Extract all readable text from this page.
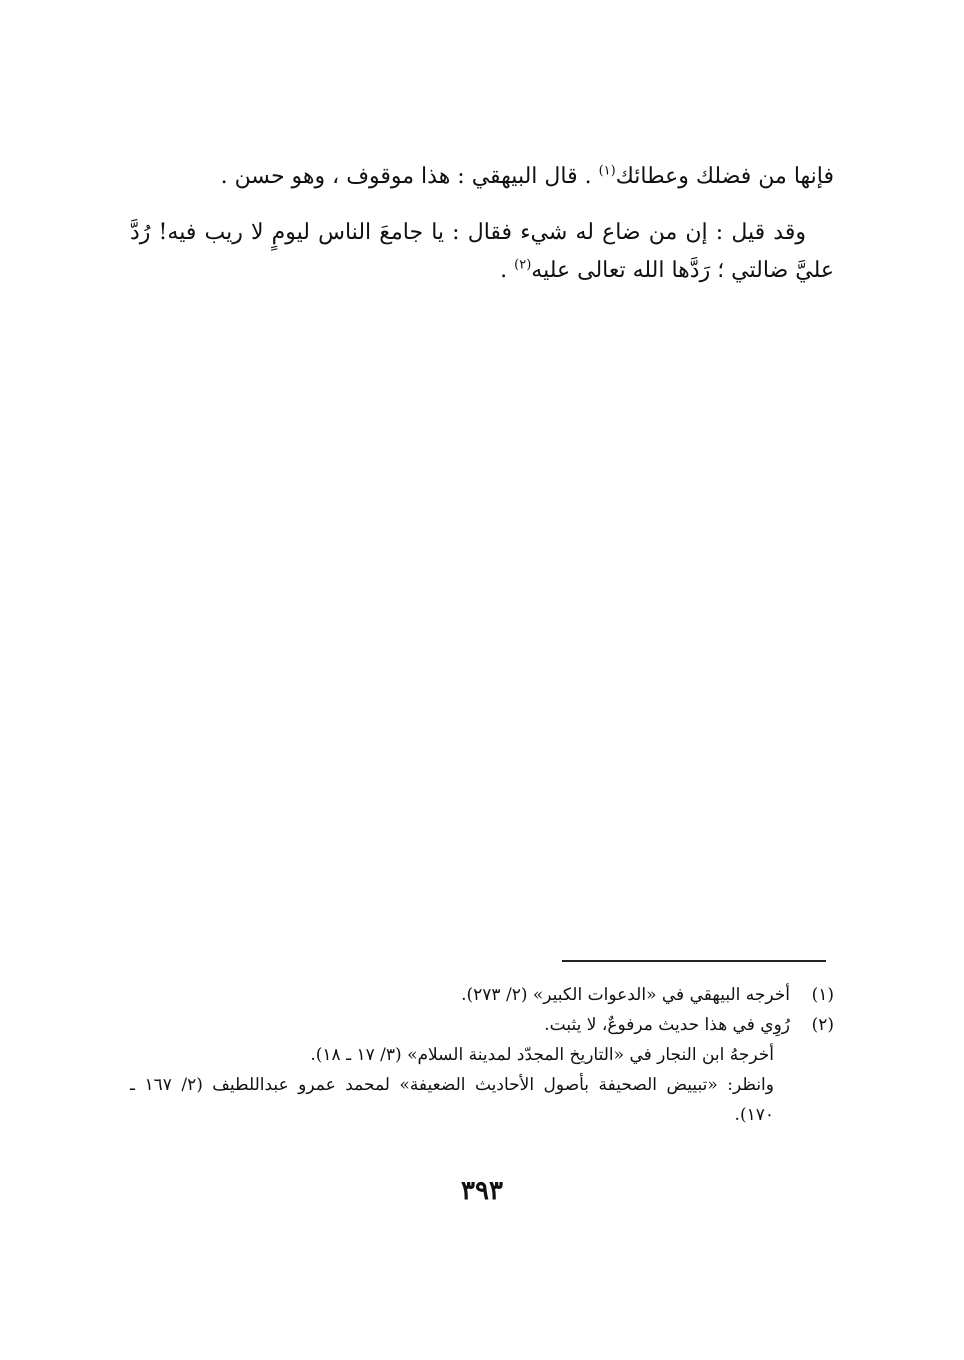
فإنها من فضلك وعطائك$^{(١)}$ . قال البيهقي : هذا موقوف ، وهو حسن .

وقد قيل : إن من ضاع له شيء فقال : يا جامعَ الناس ليومٍ لا ريب فيه! رُدَّ عليَّ ضالتي ؛ رَدَّها الله تعالى عليه$^{(٢)}$ .

(١)
أخرجه البيهقي في «الدعوات الكبير» (٢/ ٢٧٣).
(٢)
رُوِي في هذا حديث مرفوعٌ، لا يثبت.
أخرجهُ ابن النجار في «التاريخ المجدّد لمدينة السلام» (٣/ ١٧ ـ ١٨).
وانظر: «تبييض الصحيفة بأصول الأحاديث الضعيفة» لمحمد عمرو عبداللطيف (٢/ ١٦٧ ـ ١٧٠).
٣٩٣
